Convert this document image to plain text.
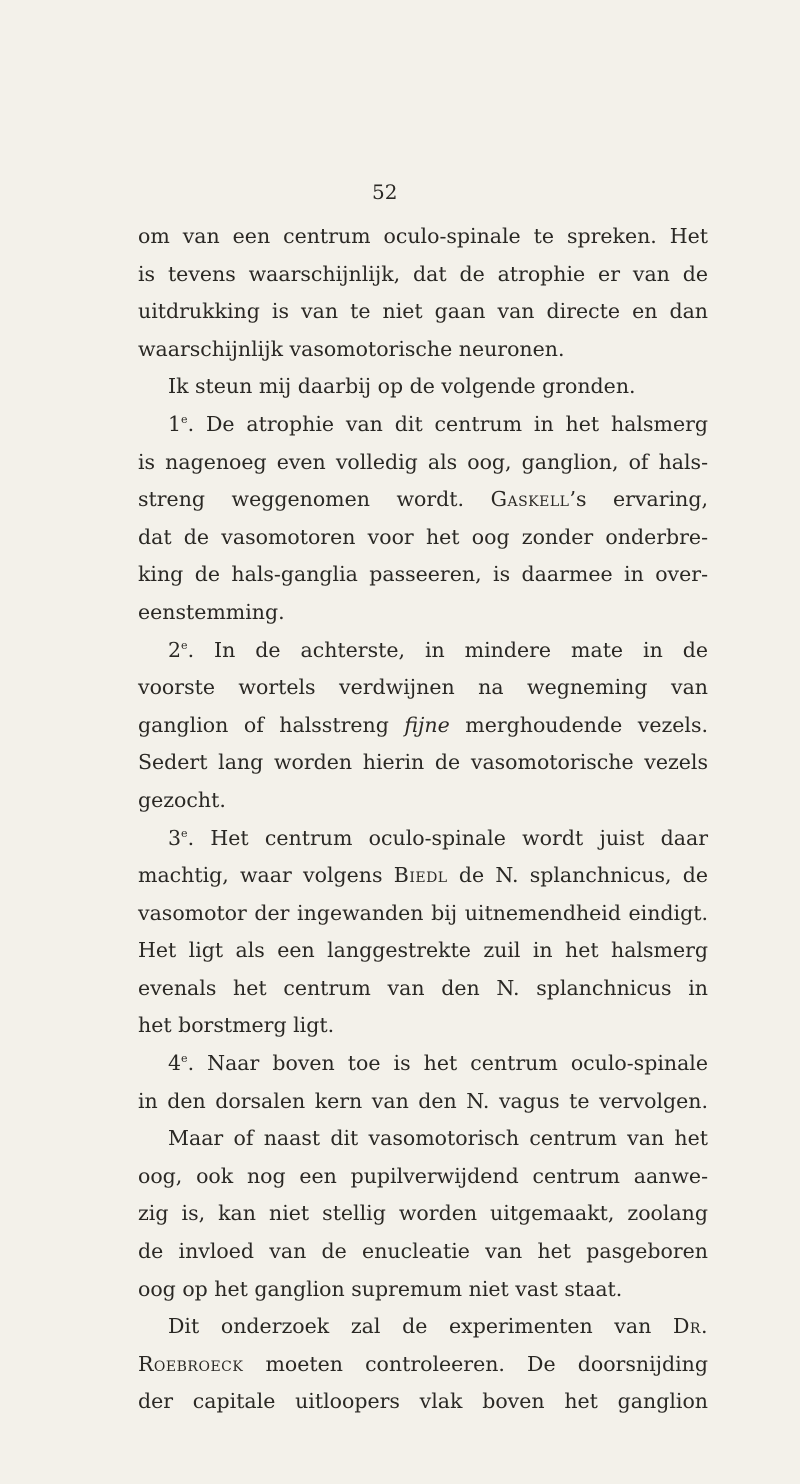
52
om van een centrum oculo-spinale te spreken. Het
is tevens waarschijnlijk, dat de atrophie er van de
uitdrukking is van te niet gaan van directe en dan
waarschijnlijk vasomotorische neuronen.
Ik steun mij daarbij op de volgende gronden.
1e. De atrophie van dit centrum in het halsmerg
is nagenoeg even volledig als oog, ganglion, of hals-
streng weggenomen wordt. Gaskell’s ervaring,
dat de vasomotoren voor het oog zonder onderbre-
king de hals-ganglia passeeren, is daarmee in over-
eenstemming.
2e. In de achterste, in mindere mate in de
voorste wortels verdwijnen na wegneming van
ganglion of halsstreng fijne merghoudende vezels.
Sedert lang worden hierin de vasomotorische vezels
gezocht.
3e. Het centrum oculo-spinale wordt juist daar
machtig, waar volgens Biedl de N. splanchnicus, de
vasomotor der ingewanden bij uitnemendheid eindigt.
Het ligt als een langgestrekte zuil in het halsmerg
evenals het centrum van den N. splanchnicus in
het borstmerg ligt.
4e. Naar boven toe is het centrum oculo-spinale
in den dorsalen kern van den N. vagus te vervolgen.
Maar of naast dit vasomotorisch centrum van het
oog, ook nog een pupilverwijdend centrum aanwe-
zig is, kan niet stellig worden uitgemaakt, zoolang
de invloed van de enucleatie van het pasgeboren
oog op het ganglion supremum niet vast staat.
Dit onderzoek zal de experimenten van Dr.
Roebroeck moeten controleeren. De doorsnijding
der capitale uitloopers vlak boven het ganglion
